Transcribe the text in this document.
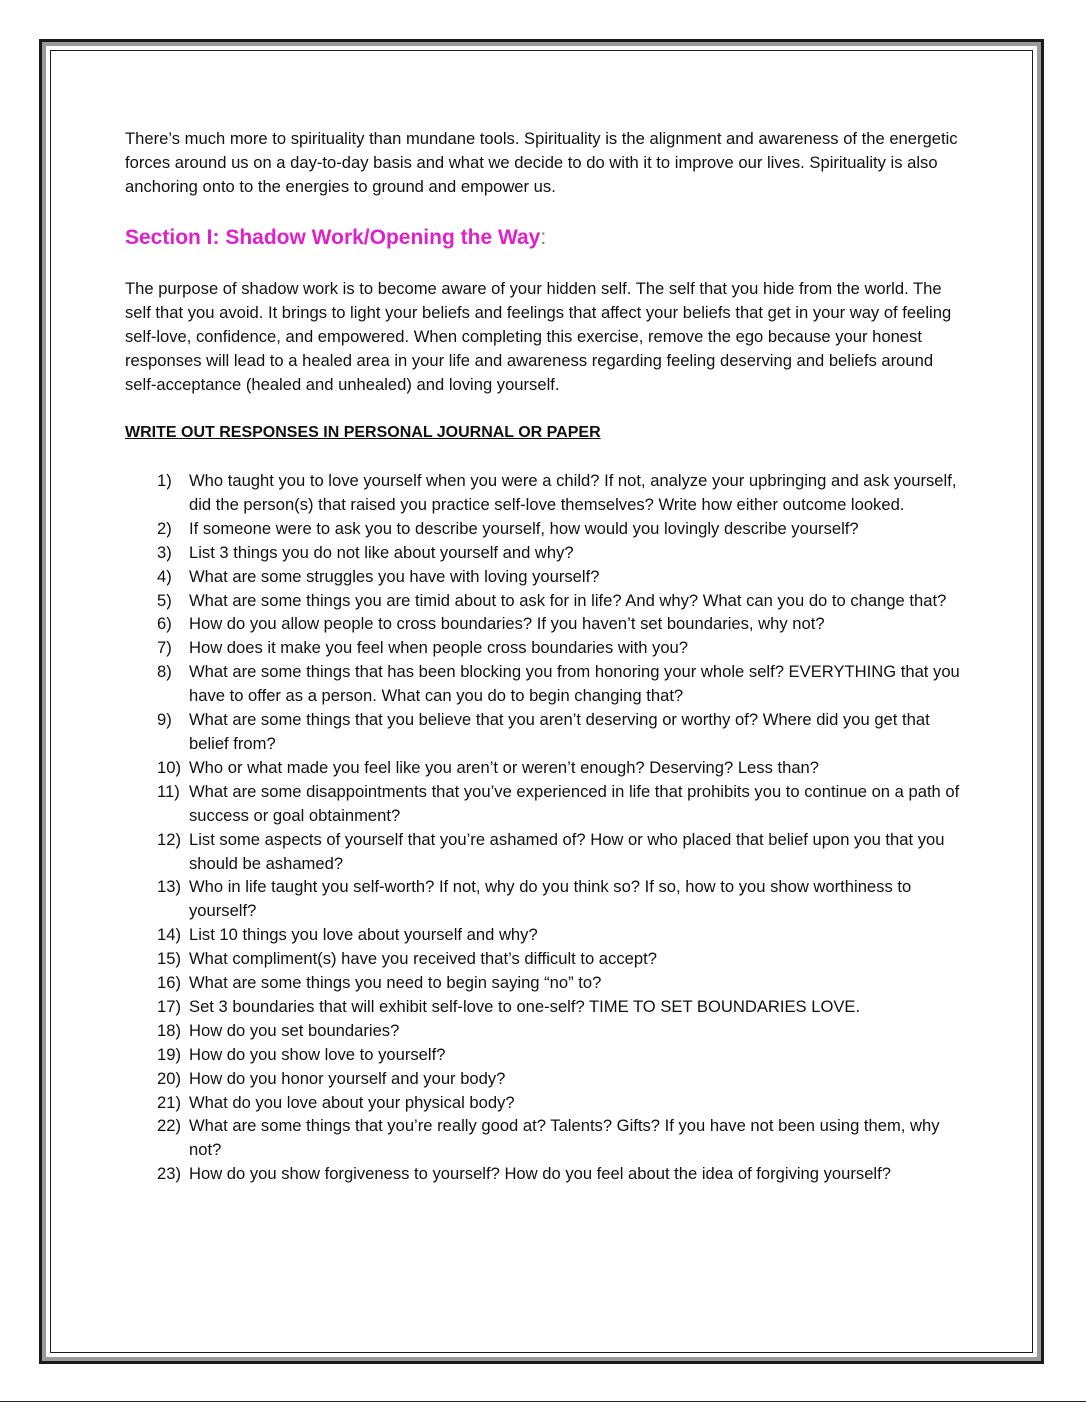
There’s much more to spirituality than mundane tools. Spirituality is the alignment and awareness of the energetic forces around us on a day-to-day basis and what we decide to do with it to improve our lives. Spirituality is also anchoring onto to the energies to ground and empower us.

Section I: Shadow Work/Opening the Way:

The purpose of shadow work is to become aware of your hidden self. The self that you hide from the world. The self that you avoid. It brings to light your beliefs and feelings that affect your beliefs that get in your way of feeling self-love, confidence, and empowered. When completing this exercise, remove the ego because your honest responses will lead to a healed area in your life and awareness regarding feeling deserving and beliefs around self-acceptance (healed and unhealed) and loving yourself.

WRITE OUT RESPONSES IN PERSONAL JOURNAL OR PAPER
1) Who taught you to love yourself when you were a child? If not, analyze your upbringing and ask yourself, did the person(s) that raised you practice self-love themselves? Write how either outcome looked.
2) If someone were to ask you to describe yourself, how would you lovingly describe yourself?
3) List 3 things you do not like about yourself and why?
4) What are some struggles you have with loving yourself?
5) What are some things you are timid about to ask for in life? And why? What can you do to change that?
6) How do you allow people to cross boundaries? If you haven’t set boundaries, why not?
7) How does it make you feel when people cross boundaries with you?
8) What are some things that has been blocking you from honoring your whole self? EVERYTHING that you have to offer as a person. What can you do to begin changing that?
9) What are some things that you believe that you aren’t deserving or worthy of? Where did you get that belief from?
10) Who or what made you feel like you aren’t or weren’t enough? Deserving? Less than?
11) What are some disappointments that you’ve experienced in life that prohibits you to continue on a path of success or goal obtainment?
12) List some aspects of yourself that you’re ashamed of? How or who placed that belief upon you that you should be ashamed?
13) Who in life taught you self-worth? If not, why do you think so? If so, how to you show worthiness to yourself?
14) List 10 things you love about yourself and why?
15) What compliment(s) have you received that’s difficult to accept?
16) What are some things you need to begin saying “no” to?
17) Set 3 boundaries that will exhibit self-love to one-self? TIME TO SET BOUNDARIES LOVE.
18) How do you set boundaries?
19) How do you show love to yourself?
20) How do you honor yourself and your body?
21) What do you love about your physical body?
22) What are some things that you’re really good at? Talents? Gifts? If you have not been using them, why not?
23) How do you show forgiveness to yourself? How do you feel about the idea of forgiving yourself?
